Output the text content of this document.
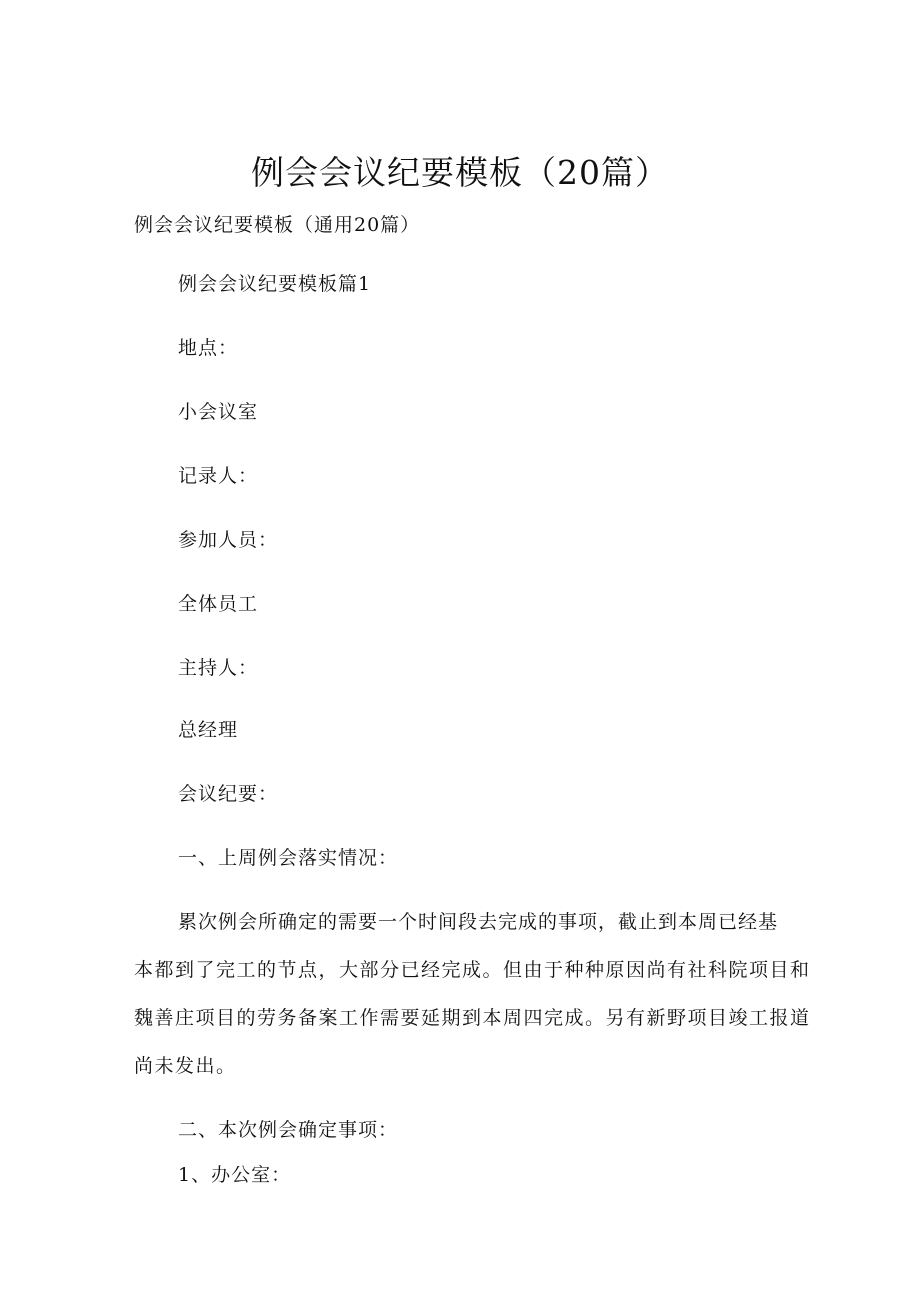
例会会议纪要模板（20篇）
例会会议纪要模板（通用20篇）
例会会议纪要模板篇1
地点：
小会议室
记录人：
参加人员：
全体员工
主持人：
总经理
会议纪要：
一、上周例会落实情况：
累次例会所确定的需要一个时间段去完成的事项，截止到本周已经基
本都到了完工的节点，大部分已经完成。但由于种种原因尚有社科院项目和
魏善庄项目的劳务备案工作需要延期到本周四完成。另有新野项目竣工报道
尚未发出。
二、本次例会确定事项：
1、办公室：
